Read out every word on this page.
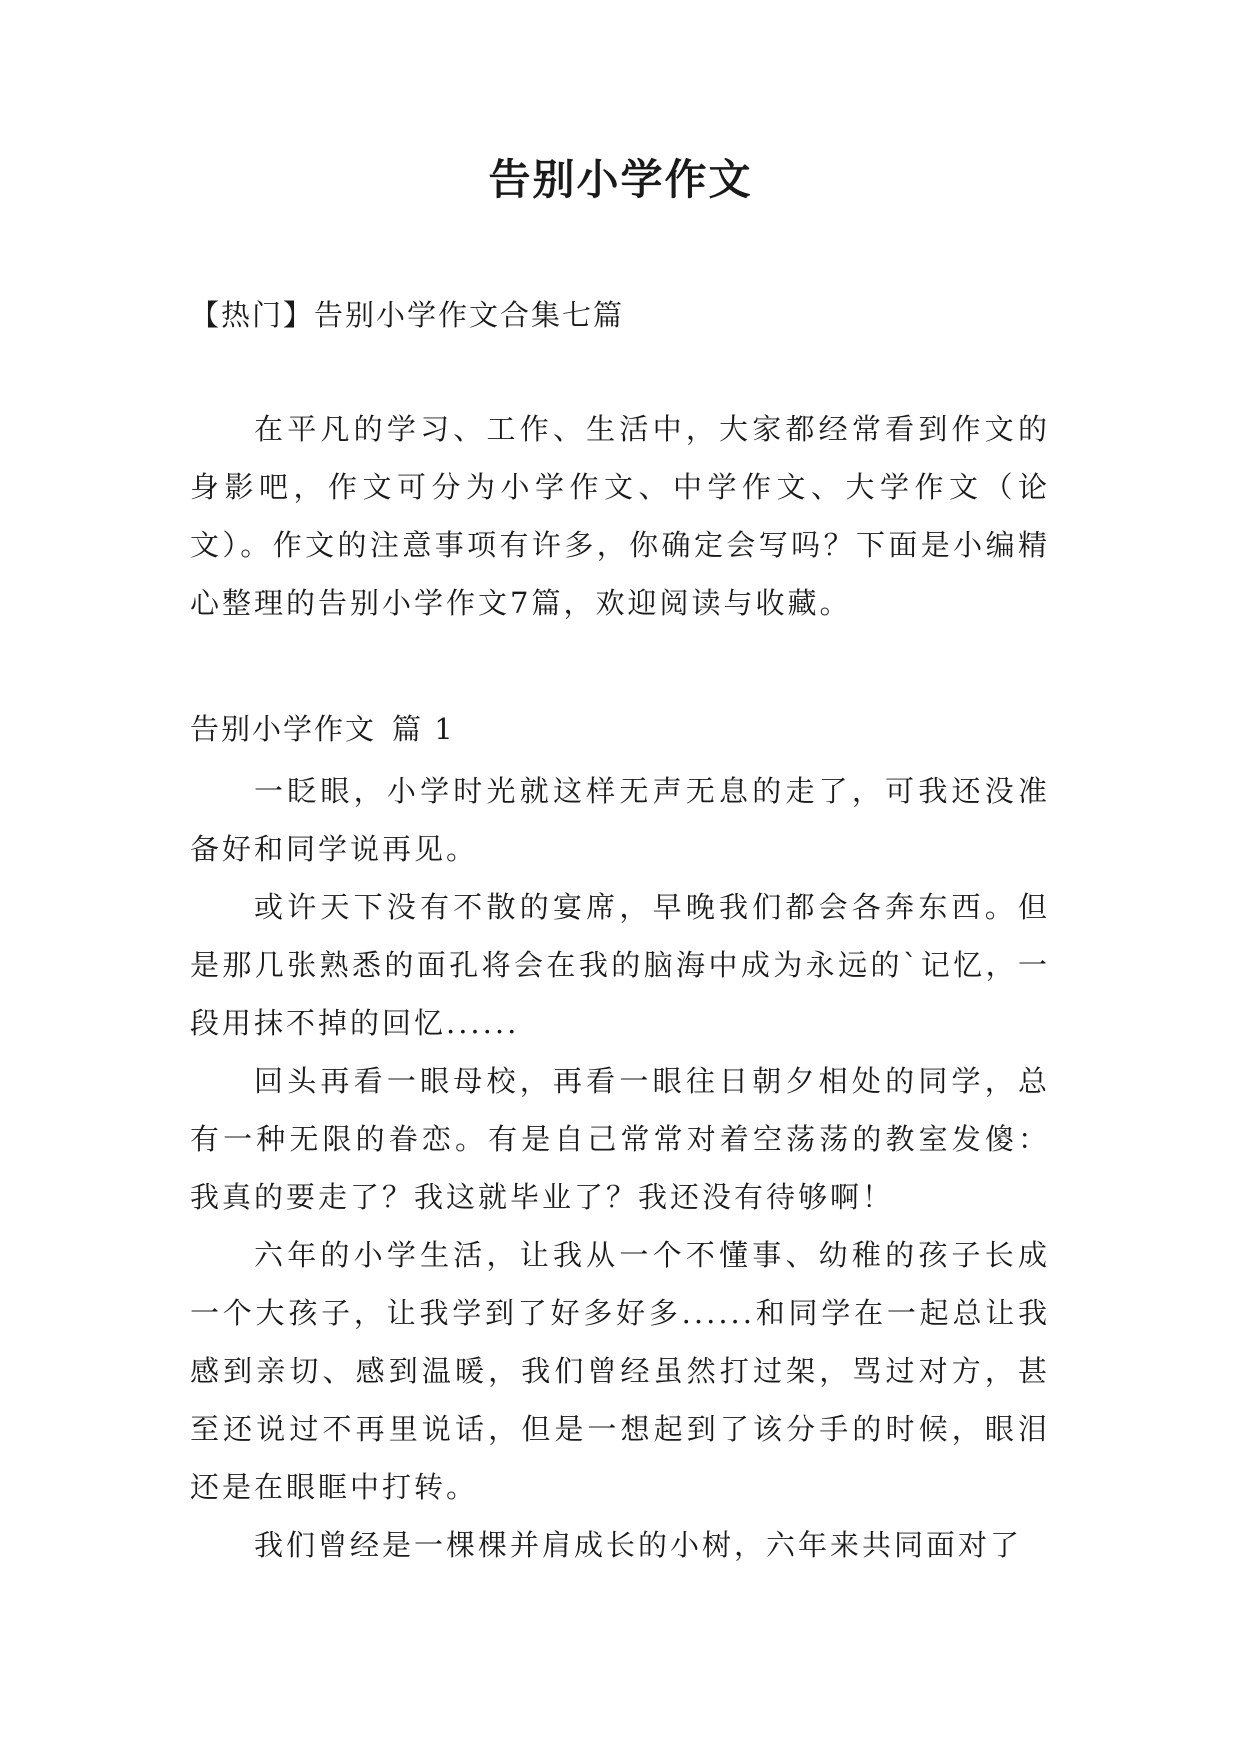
告别小学作文

【热门】告别小学作文合集七篇

在平凡的学习、工作、生活中，大家都经常看到作文的身影吧，作文可分为小学作文、中学作文、大学作文（论文）。作文的注意事项有许多，你确定会写吗？下面是小编精心整理的告别小学作文7篇，欢迎阅读与收藏。

告别小学作文 篇 1

一眨眼，小学时光就这样无声无息的走了，可我还没准备好和同学说再见。

或许天下没有不散的宴席，早晚我们都会各奔东西。但是那几张熟悉的面孔将会在我的脑海中成为永远的`记忆，一段用抹不掉的回忆......

回头再看一眼母校，再看一眼往日朝夕相处的同学，总有一种无限的眷恋。有是自己常常对着空荡荡的教室发傻：我真的要走了？我这就毕业了？我还没有待够啊！

六年的小学生活，让我从一个不懂事、幼稚的孩子长成一个大孩子，让我学到了好多好多......和同学在一起总让我感到亲切、感到温暖，我们曾经虽然打过架，骂过对方，甚至还说过不再里说话，但是一想起到了该分手的时候，眼泪还是在眼眶中打转。

我们曾经是一棵棵并肩成长的小树，六年来共同面对了
